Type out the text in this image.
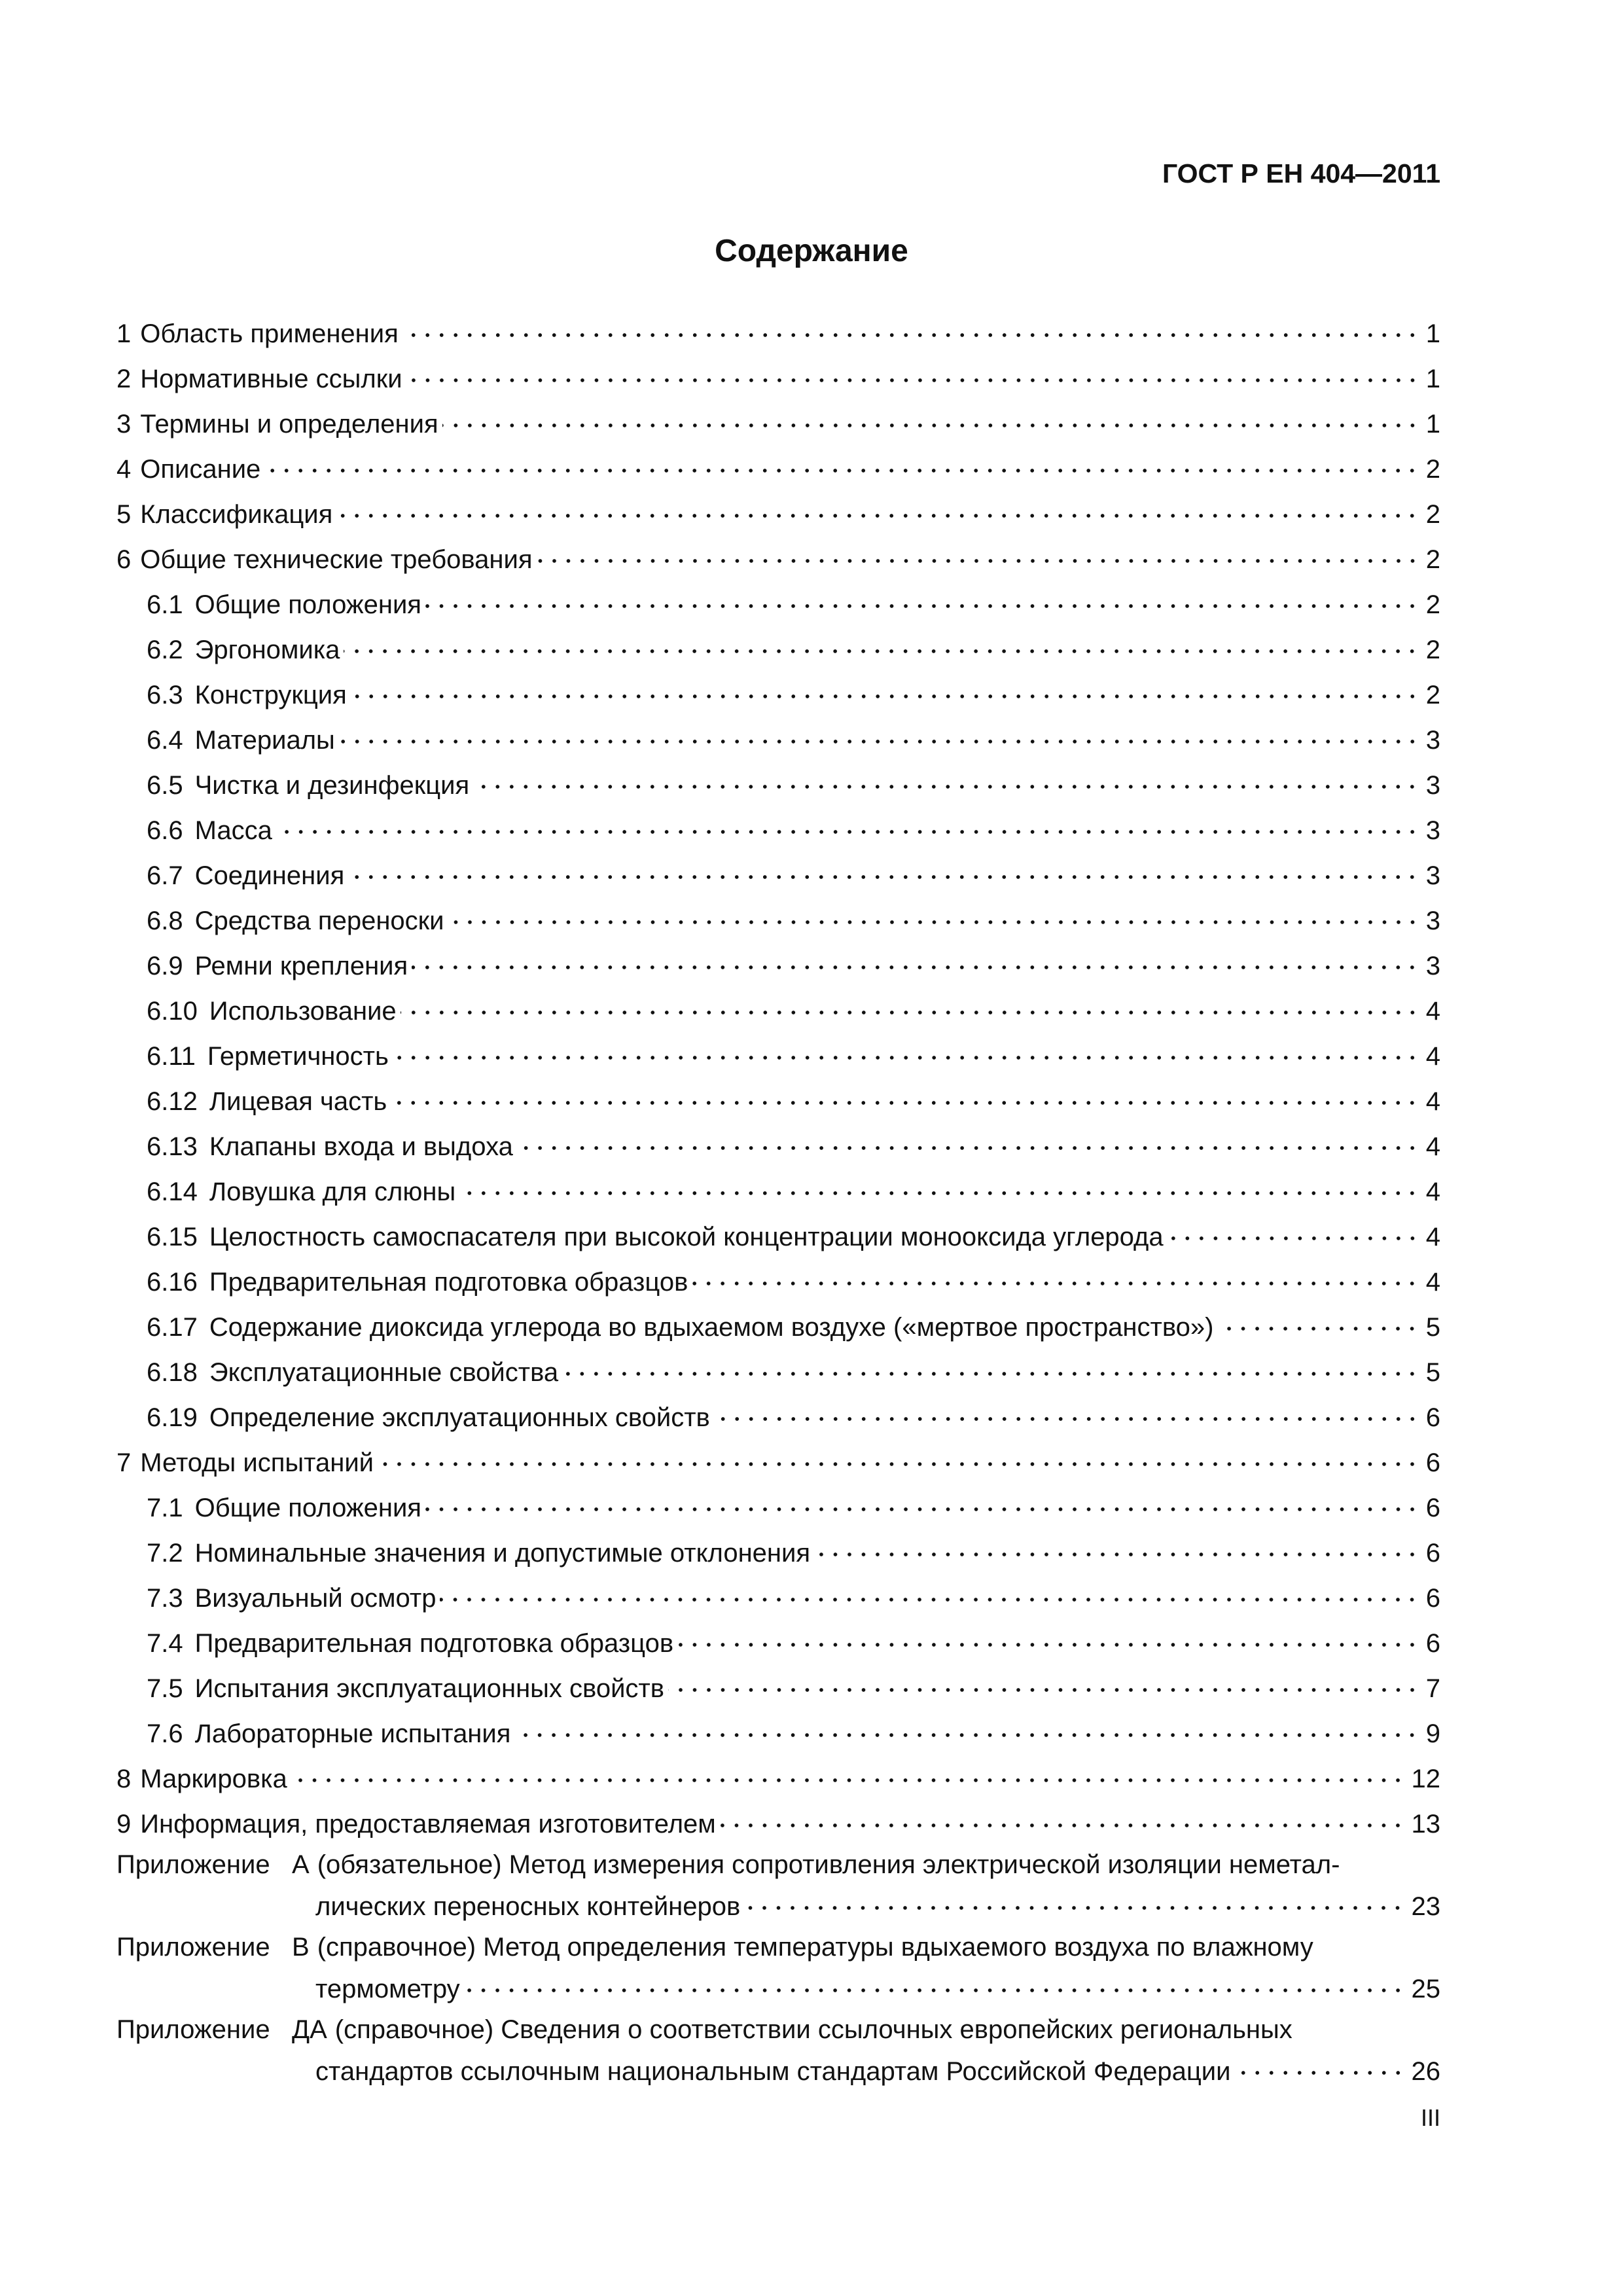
ГОСТ Р ЕН 404—2011
Содержание
1 Область применения	1
2 Нормативные ссылки	1
3 Термины и определения	1
4 Описание	2
5 Классификация	2
6 Общие технические требования	2
6.1 Общие положения	2
6.2 Эргономика	2
6.3 Конструкция	2
6.4 Материалы	3
6.5 Чистка и дезинфекция	3
6.6 Масса	3
6.7 Соединения	3
6.8 Средства переноски	3
6.9 Ремни крепления	3
6.10 Использование	4
6.11 Герметичность	4
6.12 Лицевая часть	4
6.13 Клапаны входа и выдоха	4
6.14 Ловушка для слюны	4
6.15 Целостность самоспасателя при высокой концентрации монооксида углерода	4
6.16 Предварительная подготовка образцов	4
6.17 Содержание диоксида углерода во вдыхаемом воздухе («мертвое пространство»)	5
6.18 Эксплуатационные свойства	5
6.19 Определение эксплуатационных свойств	6
7 Методы испытаний	6
7.1 Общие положения	6
7.2 Номинальные значения и допустимые отклонения	6
7.3 Визуальный осмотр	6
7.4 Предварительная подготовка образцов	6
7.5 Испытания эксплуатационных свойств	7
7.6 Лабораторные испытания	9
8 Маркировка	12
9 Информация, предоставляемая изготовителем	13
Приложение А (обязательное) Метод измерения сопротивления электрической изоляции неметал-
лических переносных контейнеров	23
Приложение В (справочное) Метод определения температуры вдыхаемого воздуха по влажному
термометру	25
Приложение ДА (справочное) Сведения о соответствии ссылочных европейских региональных
стандартов ссылочным национальным стандартам Российской Федерации	26
III
